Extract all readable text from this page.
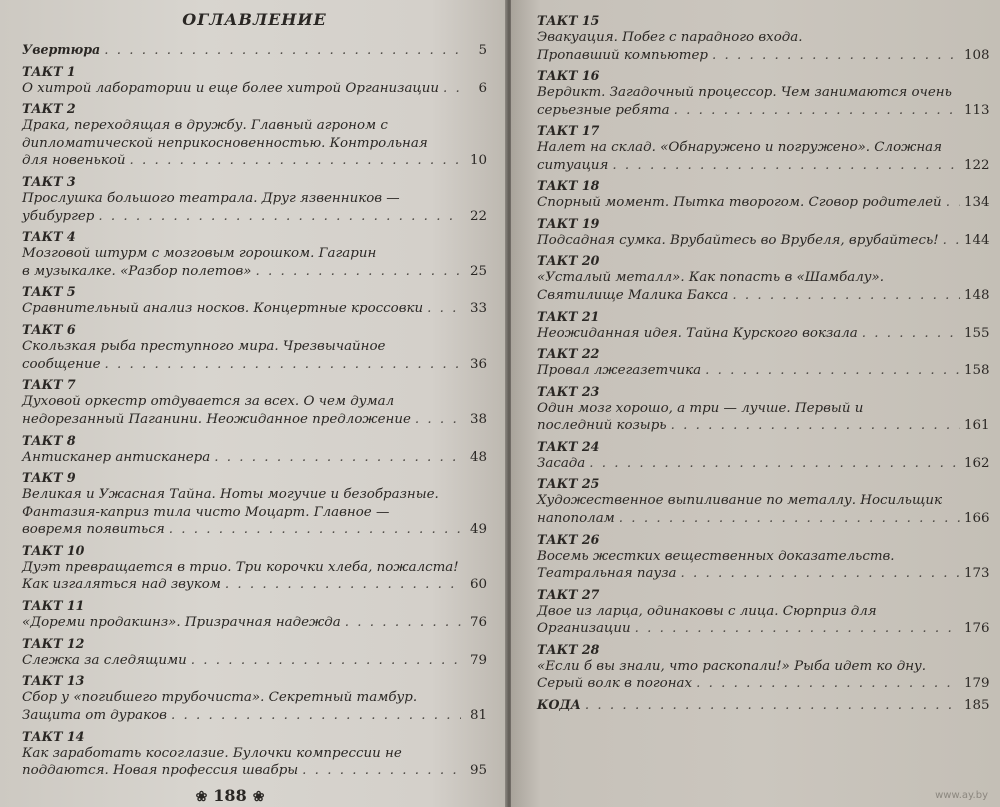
ОГЛАВЛЕНИЕ
Увертюра . . .	5
ТАКТ 1
О хитрой лаборатории и еще более хитрой Организации . . .	6
ТАКТ 2
Драка, переходящая в дружбу. Главный агроном с
дипломатической неприкосновенностью. Контрольная
для новенькой . . .	10
ТАКТ 3
Прослушка большого театрала. Друг язвенников —
убибургер . . .	22
ТАКТ 4
Мозговой штурм с мозговым горошком. Гагарин
в музыкалке. «Разбор полетов» . . .	25
ТАКТ 5
Сравнительный анализ носков. Концертные кроссовки . . .	33
ТАКТ 6
Скользкая рыба преступного мира. Чрезвычайное
сообщение . . .	36
ТАКТ 7
Духовой оркестр отдувается за всех. О чем думал
недорезанный Паганини. Неожиданное предложение . . .	38
ТАКТ 8
Антисканер антисканера . . .	48
ТАКТ 9
Великая и Ужасная Тайна. Ноты могучие и безобразные.
Фантазия-каприз тила чисто Моцарт. Главное —
вовремя появиться . . .	49
ТАКТ 10
Дуэт превращается в трио. Три корочки хлеба, пожалста!
Как изгаляться над звуком . . .	60
ТАКТ 11
«Дореми продакшнз». Призрачная надежда . . .	76
ТАКТ 12
Слежка за следящими . . .	79
ТАКТ 13
Сбор у «погибшего трубочиста». Секретный тамбур.
Защита от дураков . . .	81
ТАКТ 14
Как заработать косоглазие. Булочки компрессии не
поддаются. Новая профессия швабры . . .	95
❀ 188 ❀
ТАКТ 15
Эвакуация. Побег с парадного входа.
Пропавший компьютер . . .	108
ТАКТ 16
Вердикт. Загадочный процессор. Чем занимаются очень
серьезные ребята . . .	113
ТАКТ 17
Налет на склад. «Обнаружено и погружено». Сложная
ситуация . . .	122
ТАКТ 18
Спорный момент. Пытка творогом. Сговор родителей . . . 134
ТАКТ 19
Подсадная сумка. Врубайтесь во Врубеля, врубайтесь! . . . 144
ТАКТ 20
«Усталый металл». Как попасть в «Шамбалу».
Святилище Малика Бакса . . .	148
ТАКТ 21
Неожиданная идея. Тайна Курского вокзала . . .	155
ТАКТ 22
Провал лжегазетчика . . .	158
ТАКТ 23
Один мозг хорошо, а три — лучше. Первый и
последний козырь . . .	161
ТАКТ 24
Засада . . .	162
ТАКТ 25
Художественное выпиливание по металлу. Носильщик
напополам . . .	166
ТАКТ 26
Восемь жестких вещественных доказательств.
Театральная пауза . . .	173
ТАКТ 27
Двое из ларца, одинаковы с лица. Сюрприз для
Организации . . .	176
ТАКТ 28
«Если б вы знали, что раскопали!» Рыба идет ко дну.
Серый волк в погонах . . .	179
КОДА . . .	185
www.ay.by
